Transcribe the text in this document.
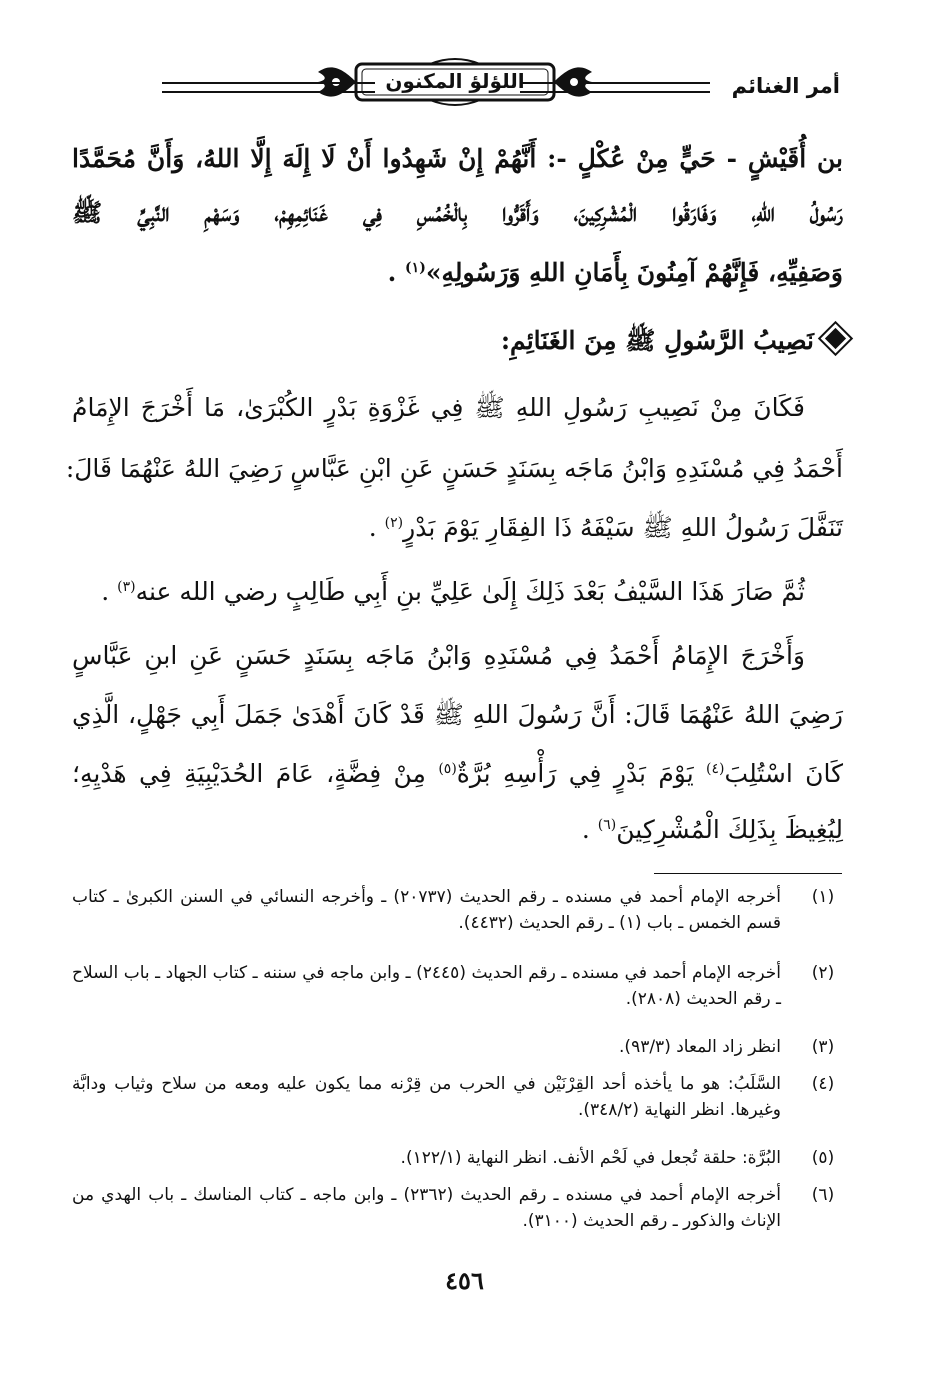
أمر الغنائم
اللؤلؤ المكنون
بن أُقَيْشٍ - حَيٍّ مِنْ عُكْلٍ -: أَنَّهُمْ إِنْ شَهِدُوا أَنْ لَا إِلَهَ إِلَّا اللهُ، وَأَنَّ مُحَمَّدًا
رَسُولُ اللهِ، وَفَارَقُوا الْمُشْرِكِينَ، وَأَقَرُّوا بِالْخُمُسِ فِي غَنَائِمِهِمْ، وَسَهْمِ النَّبِيِّ ﷺ
وَصَفِيِّهِ، فَإِنَّهُمْ آمِنُونَ بِأَمَانِ اللهِ وَرَسُولِهِ»$^{(١)}$ .
نَصِيبُ الرَّسُولِ ﷺ مِنَ الغَنَائِمِ:
فَكَانَ مِنْ نَصِيبِ رَسُولِ اللهِ ﷺ فِي غَزْوَةِ بَدْرٍ الكُبْرَىٰ، مَا أَخْرَجَ الإِمَامُ
أَحْمَدُ فِي مُسْنَدِهِ وَابْنُ مَاجَه بِسَنَدٍ حَسَنٍ عَنِ ابْنِ عَبَّاسٍ رَضِيَ اللهُ عَنْهُمَا قَالَ:
تَنَفَّلَ رَسُولُ اللهِ ﷺ سَيْفَهُ ذَا الفِقَارِ يَوْمَ بَدْرٍ$^{(٢)}$ .
ثُمَّ صَارَ هَذَا السَّيْفُ بَعْدَ ذَلِكَ إِلَىٰ عَلِيِّ بنِ أَبِي طَالِبٍ رضي الله عنه$^{(٣)}$ .
وَأَخْرَجَ الإِمَامُ أَحْمَدُ فِي مُسْنَدِهِ وَابْنُ مَاجَه بِسَنَدٍ حَسَنٍ عَنِ ابنِ عَبَّاسٍ
رَضِيَ اللهُ عَنْهُمَا قَالَ: أَنَّ رَسُولَ اللهِ ﷺ قَدْ كَانَ أَهْدَىٰ جَمَلَ أَبِي جَهْلٍ، الَّذِي
كَانَ اسْتُلِبَ$^{(٤)}$ يَوْمَ بَدْرٍ فِي رَأْسِهِ بُرَّةٌ$^{(٥)}$ مِنْ فِضَّةٍ، عَامَ الحُدَيْبِيَةِ فِي هَدْيِهِ؛
لِيُغِيظَ بِذَلِكَ الْمُشْرِكِينَ$^{(٦)}$ .
(١)
أخرجه الإمام أحمد في مسنده ـ رقم الحديث (٢٠٧٣٧) ـ وأخرجه النسائي في السنن الكبرىٰ ـ كتاب قسم الخمس ـ باب (١) ـ رقم الحديث (٤٤٣٢).
(٢)
أخرجه الإمام أحمد في مسنده ـ رقم الحديث (٢٤٤٥) ـ وابن ماجه في سننه ـ كتاب الجهاد ـ باب السلاح ـ رقم الحديث (٢٨٠٨).
(٣)
انظر زاد المعاد (٩٣/٣).
(٤)
السَّلَبُ: هو ما يأخذه أحد القِرْنَيْن في الحرب من قِرْنه مما يكون عليه ومعه من سلاح وثياب ودابَّة وغيرها. انظر النهاية (٣٤٨/٢).
(٥)
البُرَّة: حلقة تُجعل في لَحْم الأنف. انظر النهاية (١٢٢/١).
(٦)
أخرجه الإمام أحمد في مسنده ـ رقم الحديث (٢٣٦٢) ـ وابن ماجه ـ كتاب المناسك ـ باب الهدي من الإناث والذكور ـ رقم الحديث (٣١٠٠).
٤٥٦
